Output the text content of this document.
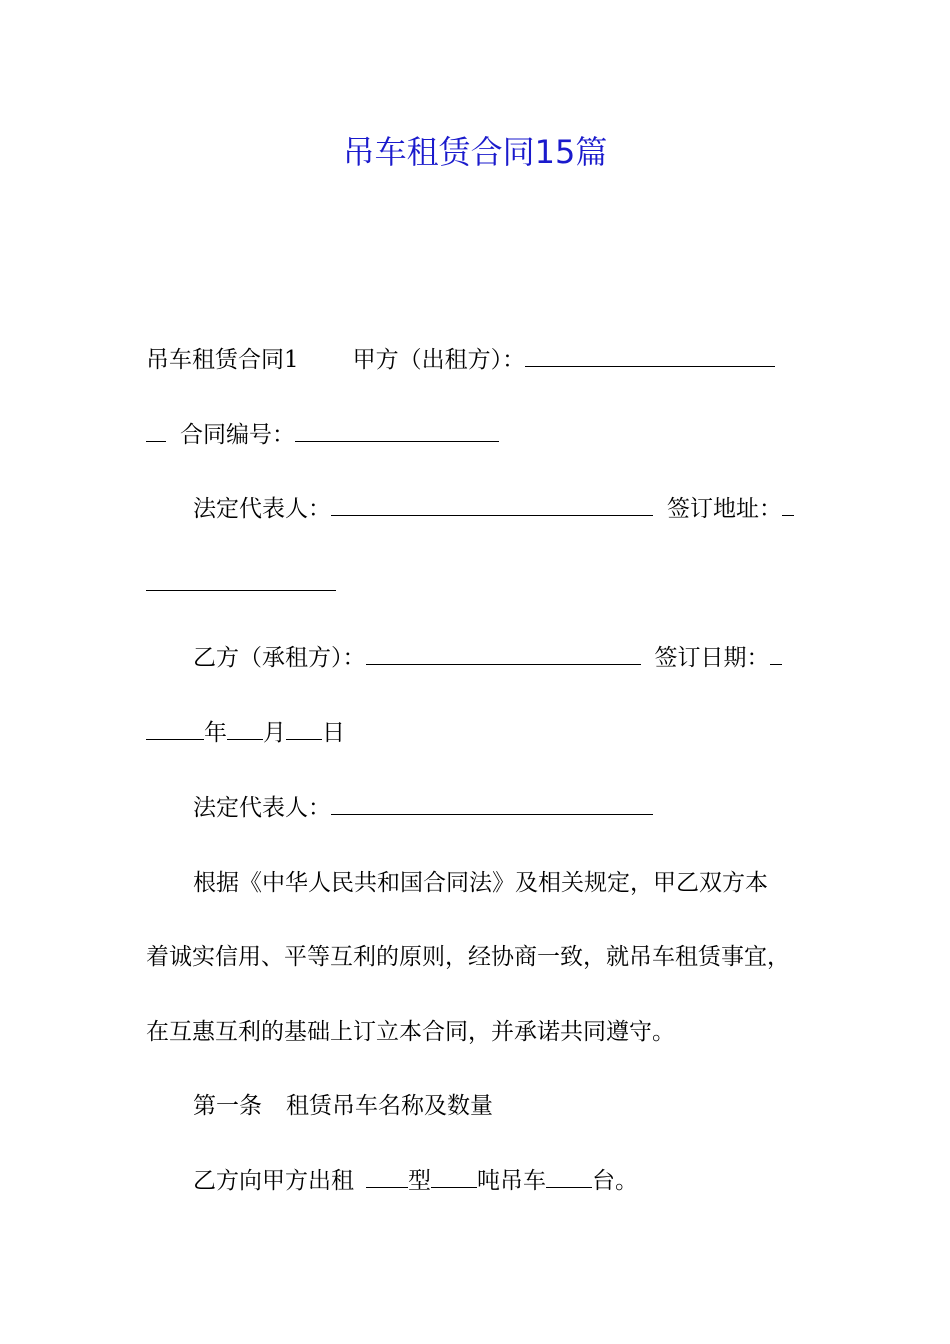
吊车租赁合同15篇
吊车租赁合同1 甲方（出租方）：
合同编号：
法定代表人：	签订地址：
乙方（承租方）：	签订日期：
年 月 日
法定代表人：
根据《中华人民共和国合同法》及相关规定，甲乙双方本
着诚实信用、平等互利的原则，经协商一致，就吊车租赁事宜，
在互惠互利的基础上订立本合同，并承诺共同遵守。
第一条 租赁吊车名称及数量
乙方向甲方出租 型 吨吊车 台。
